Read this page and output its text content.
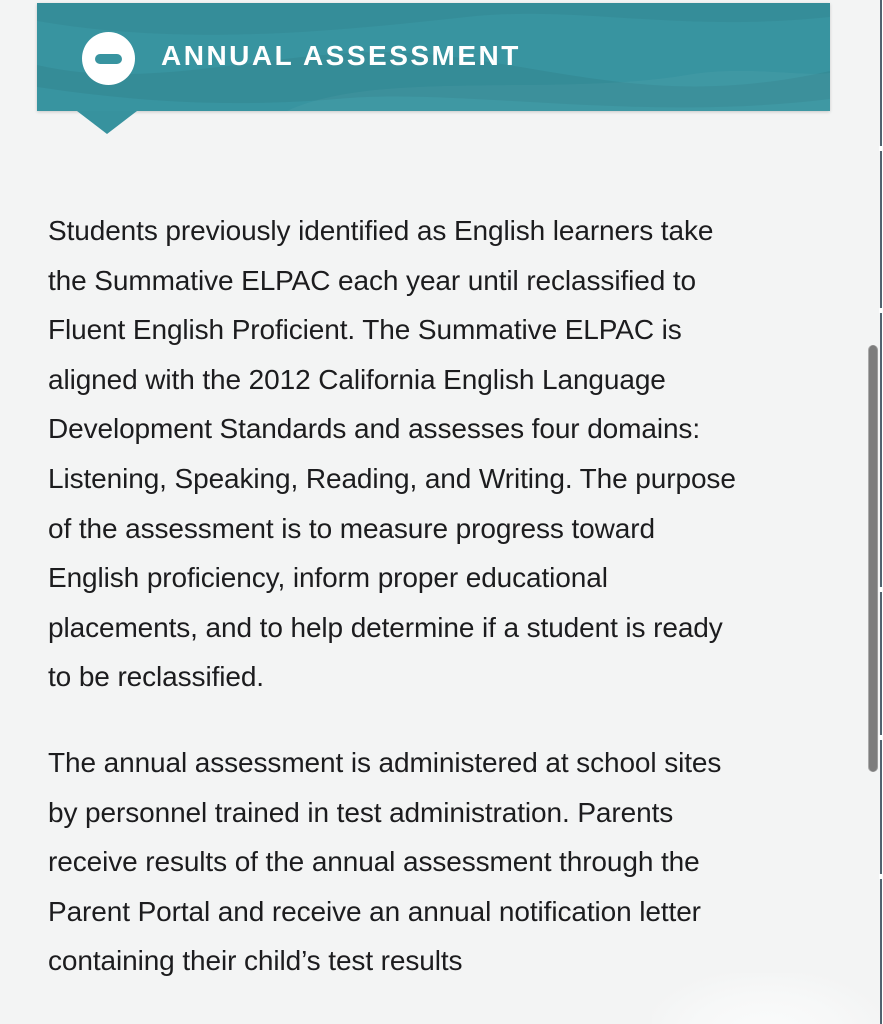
ANNUAL ASSESSMENT
Students previously identified as English learners take
the Summative ELPAC each year until reclassified to
Fluent English Proficient. The Summative ELPAC is
aligned with the 2012 California English Language
Development Standards and assesses four domains:
Listening, Speaking, Reading, and Writing. The purpose
of the assessment is to measure progress toward
English proficiency, inform proper educational
placements, and to help determine if a student is ready
to be reclassified.
The annual assessment is administered at school sites
by personnel trained in test administration. Parents
receive results of the annual assessment through the
Parent Portal and receive an annual notification letter
containing their child’s test results
